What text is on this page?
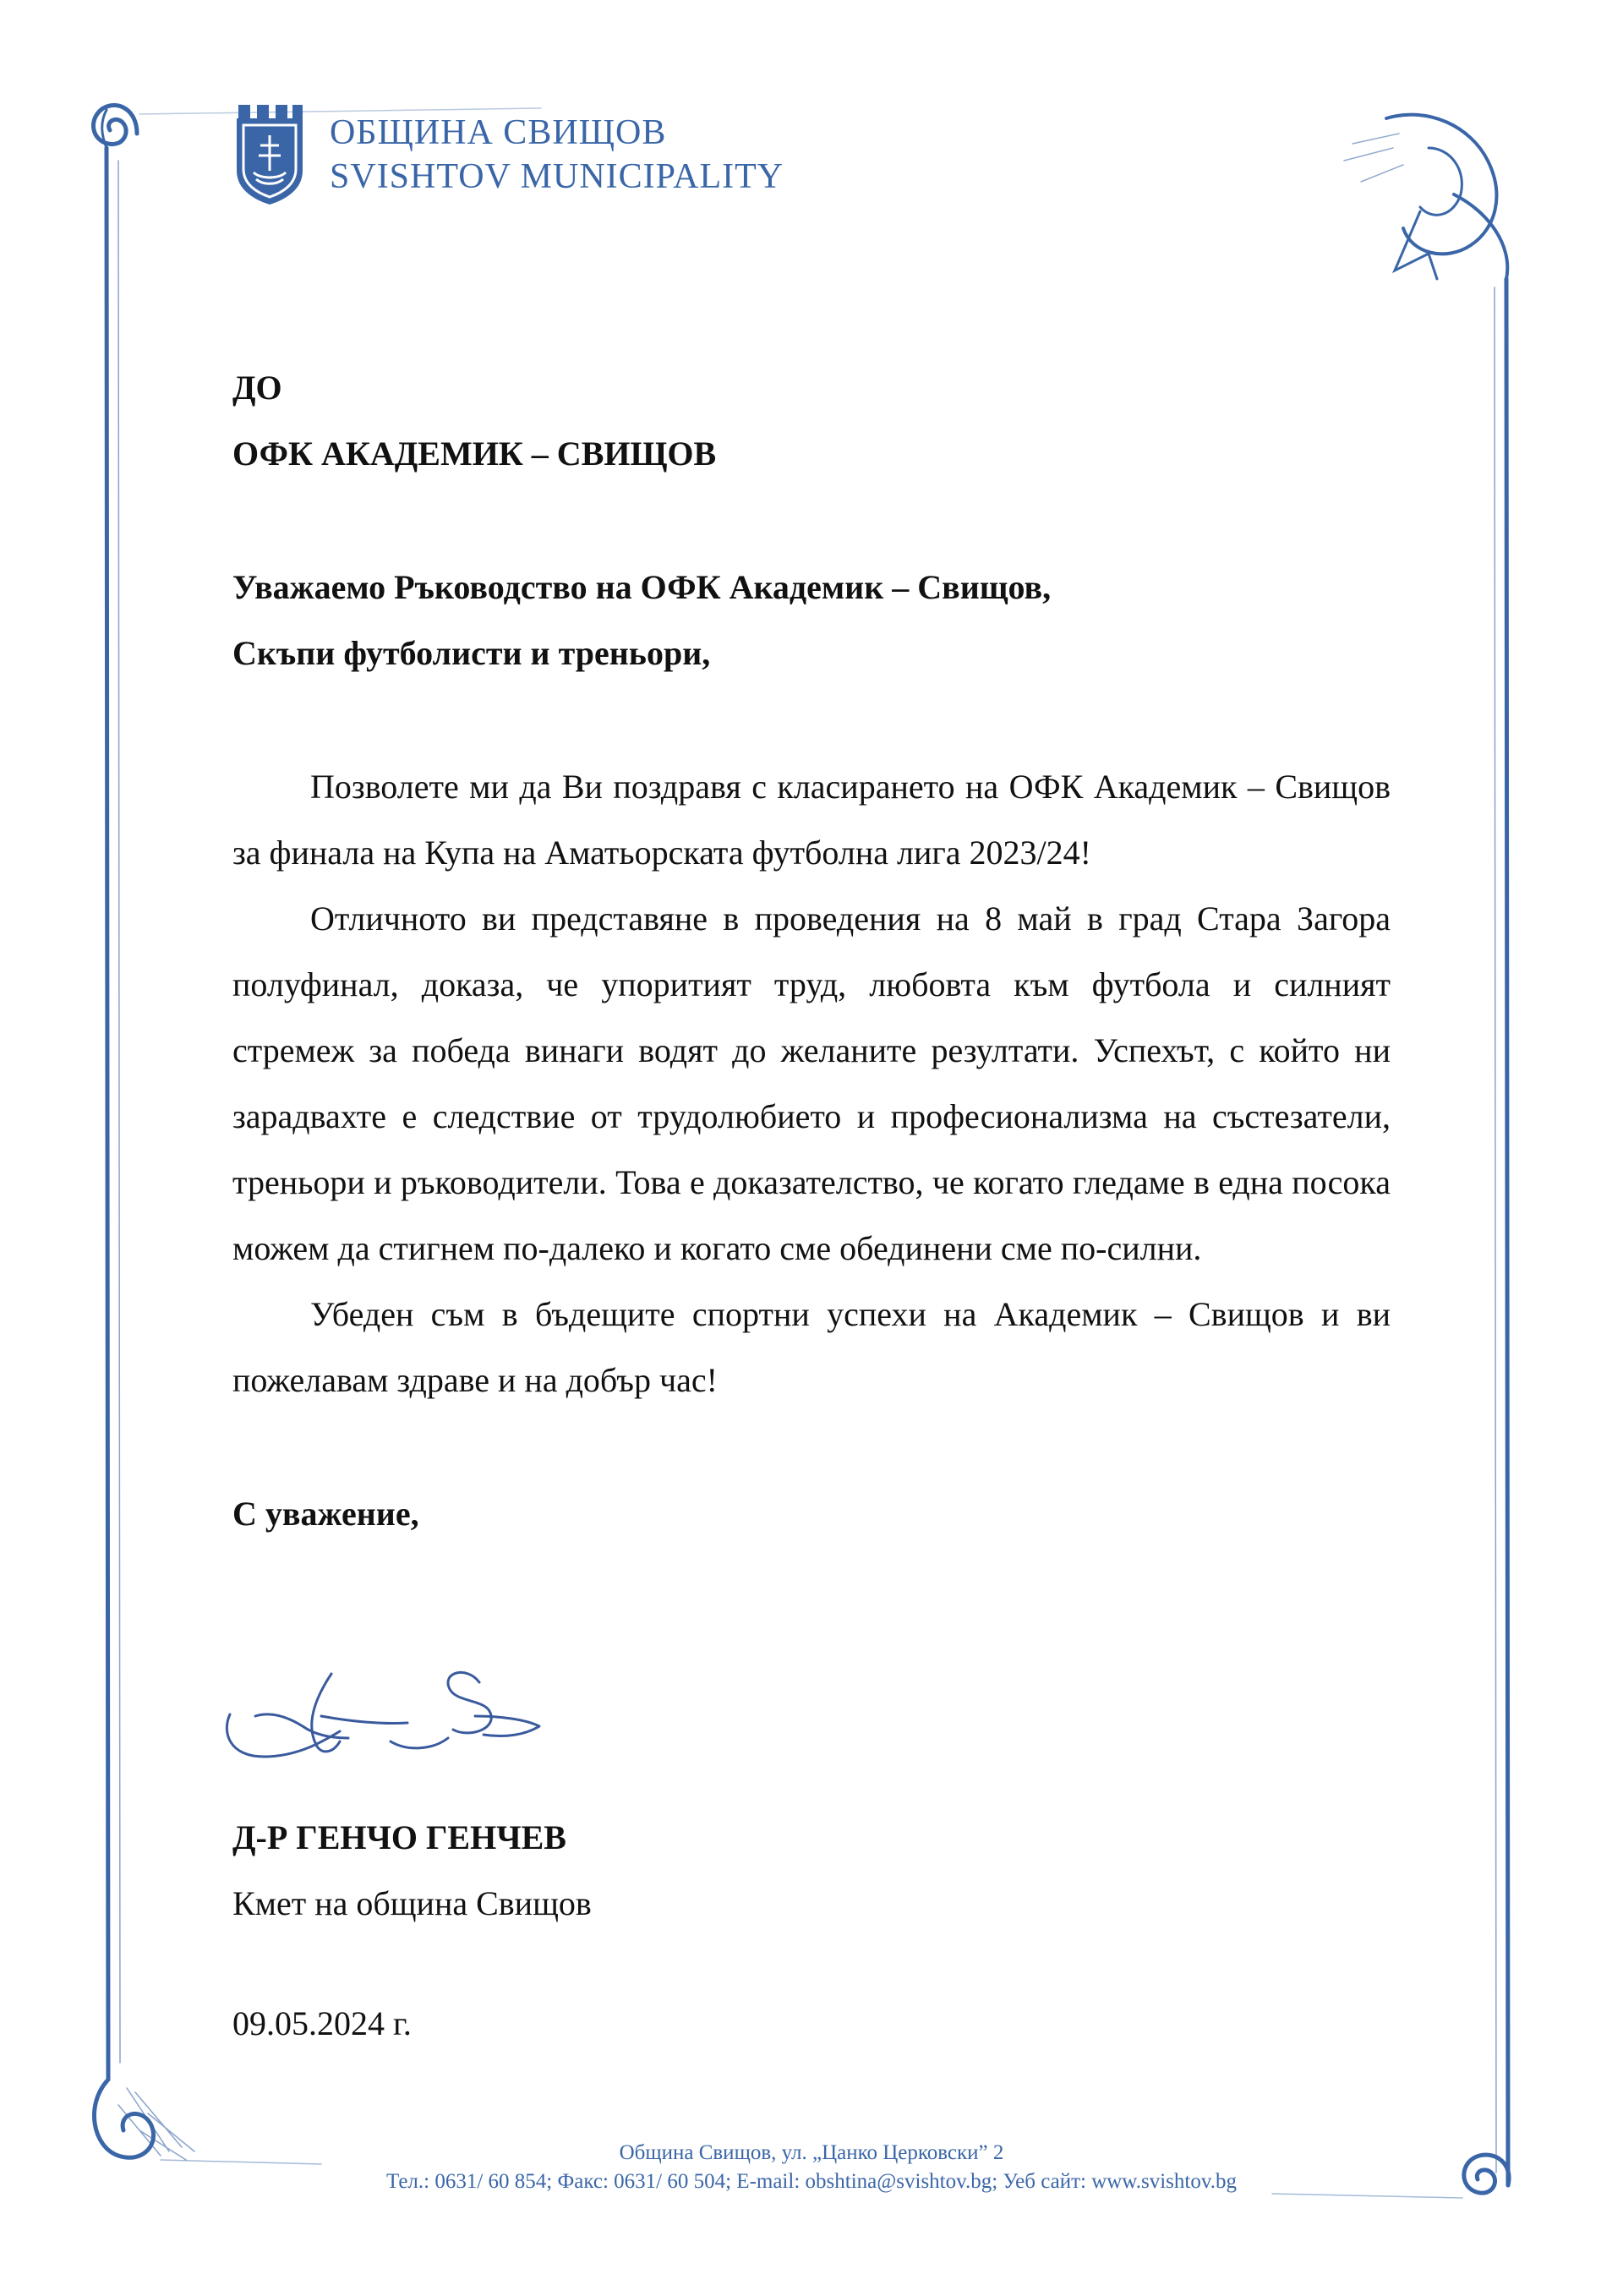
ОБЩИНА СВИЩОВ
SVISHTOV MUNICIPALITY
ДО
ОФК АКАДЕМИК – СВИЩОВ
Уважаемо Ръководство на ОФК Академик – Свищов,
Скъпи футболисти и треньори,

Позволете ми да Ви поздравя с класирането на ОФК Академик – Свищов за финала на Купа на Аматьорската футболна лига 2023/24!

Отличното ви представяне в проведения на 8 май в град Стара Загора полуфинал, доказа, че упоритият труд, любовта към футбола и силният стремеж за победа винаги водят до желаните резултати. Успехът, с който ни зарадвахте е следствие от трудолюбието и професионализма на състезатели, треньори и ръководители. Това е доказателство, че когато гледаме в една посока можем да стигнем по-далеко и когато сме обединени сме по-силни.

Убеден съм в бъдещите спортни успехи на Академик – Свищов и ви пожелавам здраве и на добър час!

С уважение,
Д-Р ГЕНЧО ГЕНЧЕВ
Кмет на община Свищов
09.05.2024 г.
Община Свищов, ул. „Цанко Церковски” 2
Тел.: 0631/ 60 854; Факс: 0631/ 60 504; E-mail: obshtina@svishtov.bg; Уеб сайт: www.svishtov.bg
